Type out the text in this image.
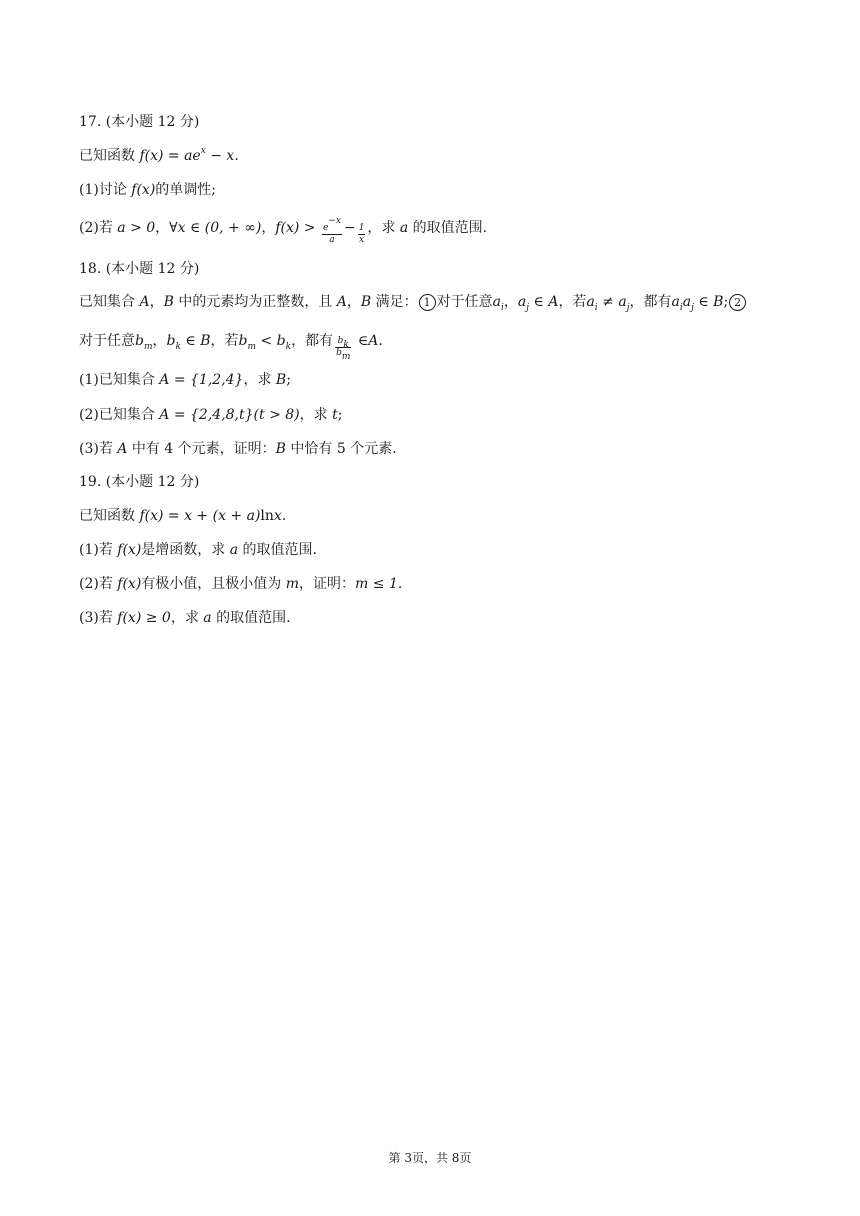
17. (本小题 12 分)
已知函数 $f(x) = ae^x - x$.
(1)讨论 f(x)的单调性;
(2)若 a > 0，∀x ∈ (0, + ∞)，$f(x) > \frac{e-x}{a} - \frac{1}{x}$ ，求 a 的取值范围.
18. (本小题 12 分)
已知集合 A，B 中的元素均为正整数，且 A，B 满足： 1 对于任意$a_i$，$a_j$ ∈ A，若$a_i \ne a_j$，都有$a_ia_j$ ∈ B; 2
对于任意$b_m$，$b_k$ ∈ B，若$b_m < b_k$，都有 $\frac{bk}{bm}$ ∈A.
(1)已知集合 A = {1,2,4}，求 B;
(2)已知集合 A = {2,4,8,t}(t > 8)，求 t;
(3)若 A 中有 4 个元素，证明：B 中恰有 5 个元素.
19. (本小题 12 分)
已知函数 f(x) = x + (x + a)lnx.
(1)若 f(x)是增函数，求 a 的取值范围.
(2)若 f(x)有极小值，且极小值为 m，证明：m ≤ 1.
(3)若 f(x) ≥ 0，求 a 的取值范围.
第 3页，共 8页
